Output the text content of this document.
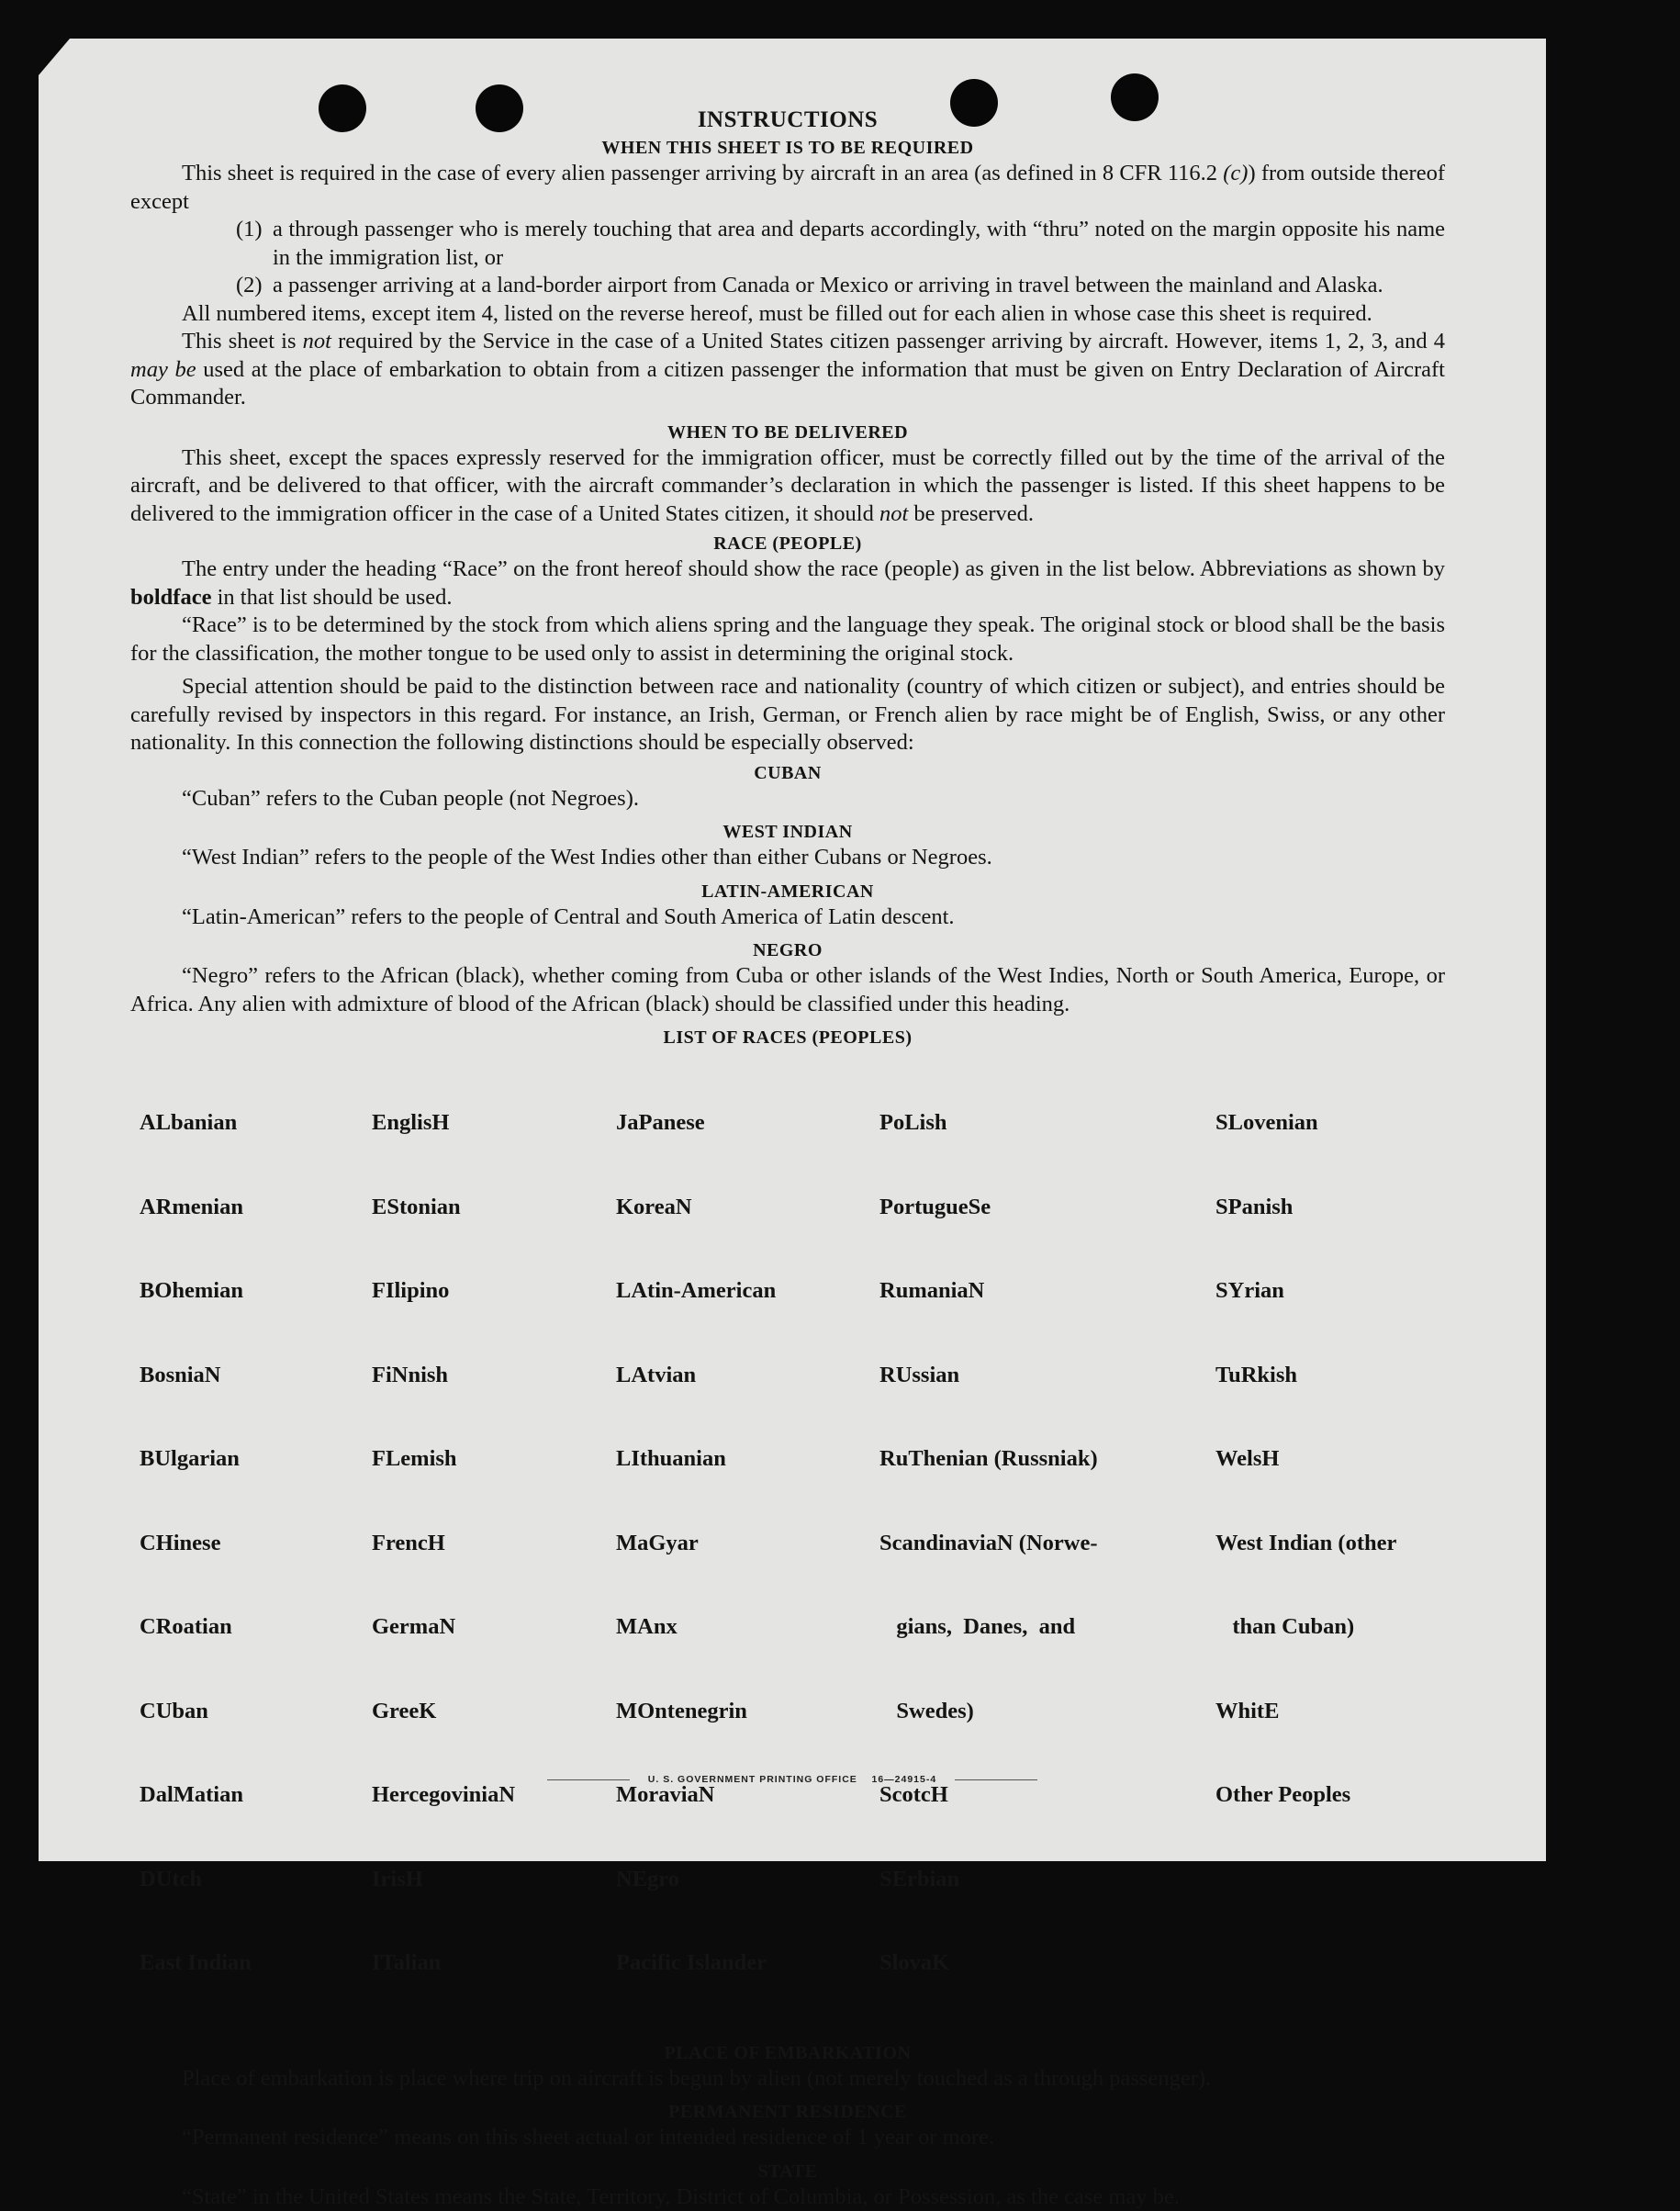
INSTRUCTIONS
WHEN THIS SHEET IS TO BE REQUIRED

This sheet is required in the case of every alien passenger arriving by aircraft in an area (as defined in 8 CFR 116.2 (c)) from outside thereof except

(1) a through passenger who is merely touching that area and departs accordingly, with “thru” noted on the margin opposite his name in the immigration list, or
(2) a passenger arriving at a land-border airport from Canada or Mexico or arriving in travel between the mainland and Alaska.

All numbered items, except item 4, listed on the reverse hereof, must be filled out for each alien in whose case this sheet is required.

This sheet is not required by the Service in the case of a United States citizen passenger arriving by aircraft. However, items 1, 2, 3, and 4 may be used at the place of embarkation to obtain from a citizen passenger the information that must be given on Entry Declaration of Aircraft Commander.

WHEN TO BE DELIVERED

This sheet, except the spaces expressly reserved for the immigration officer, must be correctly filled out by the time of the arrival of the aircraft, and be delivered to that officer, with the aircraft commander’s declaration in which the passenger is listed. If this sheet happens to be delivered to the immigration officer in the case of a United States citizen, it should not be preserved.

RACE (PEOPLE)

The entry under the heading “Race” on the front hereof should show the race (people) as given in the list below. Abbreviations as shown by boldface in that list should be used.

“Race” is to be determined by the stock from which aliens spring and the language they speak. The original stock or blood shall be the basis for the classification, the mother tongue to be used only to assist in determining the original stock.

Special attention should be paid to the distinction between race and nationality (country of which citizen or subject), and entries should be carefully revised by inspectors in this regard. For instance, an Irish, German, or French alien by race might be of English, Swiss, or any other nationality. In this connection the following distinctions should be especially observed:

CUBAN

“Cuban” refers to the Cuban people (not Negroes).

WEST INDIAN

“West Indian” refers to the people of the West Indies other than either Cubans or Negroes.

LATIN-AMERICAN

“Latin-American” refers to the people of Central and South America of Latin descent.

NEGRO

“Negro” refers to the African (black), whether coming from Cuba or other islands of the West Indies, North or South America, Europe, or Africa. Any alien with admixture of blood of the African (black) should be classified under this heading.

LIST OF RACES (PEOPLES)

ALbanian

ARmenian

BOhemian

BosniaN

BUlgarian

CHinese

CRoatian

CUban

DalMatian

DUtch

East Indian

EnglisH

EStonian

FIlipino

FiNnish

FLemish

FrencH

GermaN

GreeK

HercegoviniaN

IrisH

ITalian

JaPanese

KoreaN

LAtin-American

LAtvian

LIthuanian

MaGyar

MAnx

MOntenegrin

MoraviaN

NEgro

Pacific Islander

PoLish

PortugueSe

RumaniaN

RUssian

RuThenian (Russniak)

ScandinaviaN (Norwe-

gians,  Danes,  and

Swedes)

ScotcH

SErbian

SlovaK

SLovenian

SPanish

SYrian

TuRkish

WelsH

West Indian (other

than Cuban)

WhitE

Other Peoples

PLACE OF EMBARKATION

Place of embarkation is place where trip on aircraft is begun by alien (not merely touched as a through passenger).

PERMANENT RESIDENCE

“Permanent residence” means on this sheet actual or intended residence of 1 year or more.

STATE

“State” in the United States means the State, Territory, District of Columbia, or Possession, as the case may be.

U. S. GOVERNMENT PRINTING OFFICE    16—24915-4
